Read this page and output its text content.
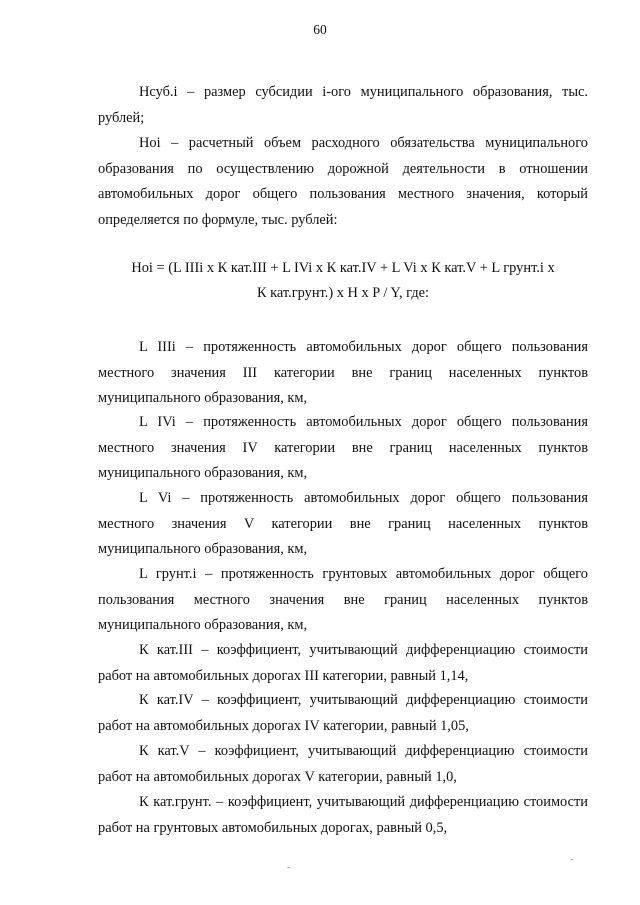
60
Нсуб.i – размер субсидии i-ого муниципального образования, тыс. рублей;
Нoi – расчетный объем расходного обязательства муниципального образования по осуществлению дорожной деятельности в отношении автомобильных дорог общего пользования местного значения, который определяется по формуле, тыс. рублей:
Нoi = (L IIIi x К кат.III + L IVi x К кат.IV + L Vi x К кат.V + L грунт.i x
К кат.грунт.) x Н x P / Y, где:
L IIIi – протяженность автомобильных дорог общего пользования местного значения III категории вне границ населенных пунктов муниципального образования, км,
L IVi – протяженность автомобильных дорог общего пользования местного значения IV категории вне границ населенных пунктов муниципального образования, км,
L Vi – протяженность автомобильных дорог общего пользования местного значения V категории вне границ населенных пунктов муниципального образования, км,
L грунт.i – протяженность грунтовых автомобильных дорог общего пользования местного значения вне границ населенных пунктов муниципального образования, км,
К кат.III – коэффициент, учитывающий дифференциацию стоимости работ на автомобильных дорогах III категории, равный 1,14,
К кат.IV – коэффициент, учитывающий дифференциацию стоимости работ на автомобильных дорогах IV категории, равный 1,05,
К кат.V – коэффициент, учитывающий дифференциацию стоимости работ на автомобильных дорогах V категории, равный 1,0,
К кат.грунт. – коэффициент, учитывающий дифференциацию стоимости работ на грунтовых автомобильных дорогах, равный 0,5,
˷
˷
